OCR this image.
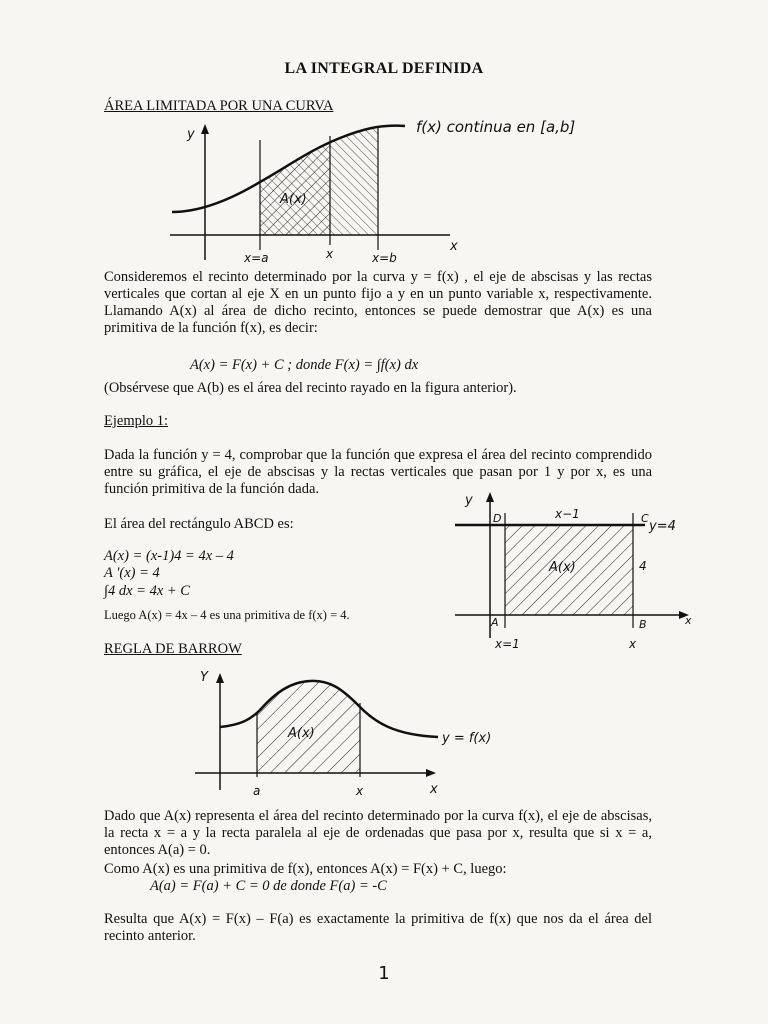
LA INTEGRAL DEFINIDA
ÁREA LIMITADA POR UNA CURVA
y
x
A(x)
x=a	x	x=b
f(x) continua en [a,b]
Consideremos el recinto determinado por la curva y = f(x) , el eje de abscisas y las rectas verticales que cortan al eje X en un punto fijo a y en un punto variable x, respectivamente. Llamando A(x) al área de dicho recinto, entonces se puede demostrar que A(x) es una primitiva de la función f(x), es decir:
A(x) = F(x) + C ; donde F(x) = ∫f(x) dx
(Obsérvese que A(b) es el área del recinto rayado en la figura anterior).
Ejemplo 1:
Dada la función y = 4, comprobar que la función que expresa el área del recinto comprendido entre su gráfica, el eje de abscisas y la rectas verticales que pasan por 1 y por x, es una función primitiva de la función dada.
El área del rectángulo ABCD es:
A(x) = (x-1)4 = 4x – 4
A ′(x) = 4
∫4 dx = 4x + C
Luego A(x) = 4x – 4 es una primitiva de f(x) = 4.
y
x
D	C
A	B
x−1
y=4
4
A(x)
x=1	x
REGLA DE BARROW
Y
x
A(x)	y = f(x)
a	x
Dado que A(x) representa el área del recinto determinado por la curva f(x), el eje de abscisas, la recta x = a y la recta paralela al eje de ordenadas que pasa por x, resulta que si x = a, entonces A(a) = 0.
Como A(x) es una primitiva de f(x), entonces A(x) = F(x) + C, luego:
A(a) = F(a) + C = 0 de donde F(a) = -C
Resulta que A(x) = F(x) – F(a) es exactamente la primitiva de f(x) que nos da el área del recinto anterior.
1
